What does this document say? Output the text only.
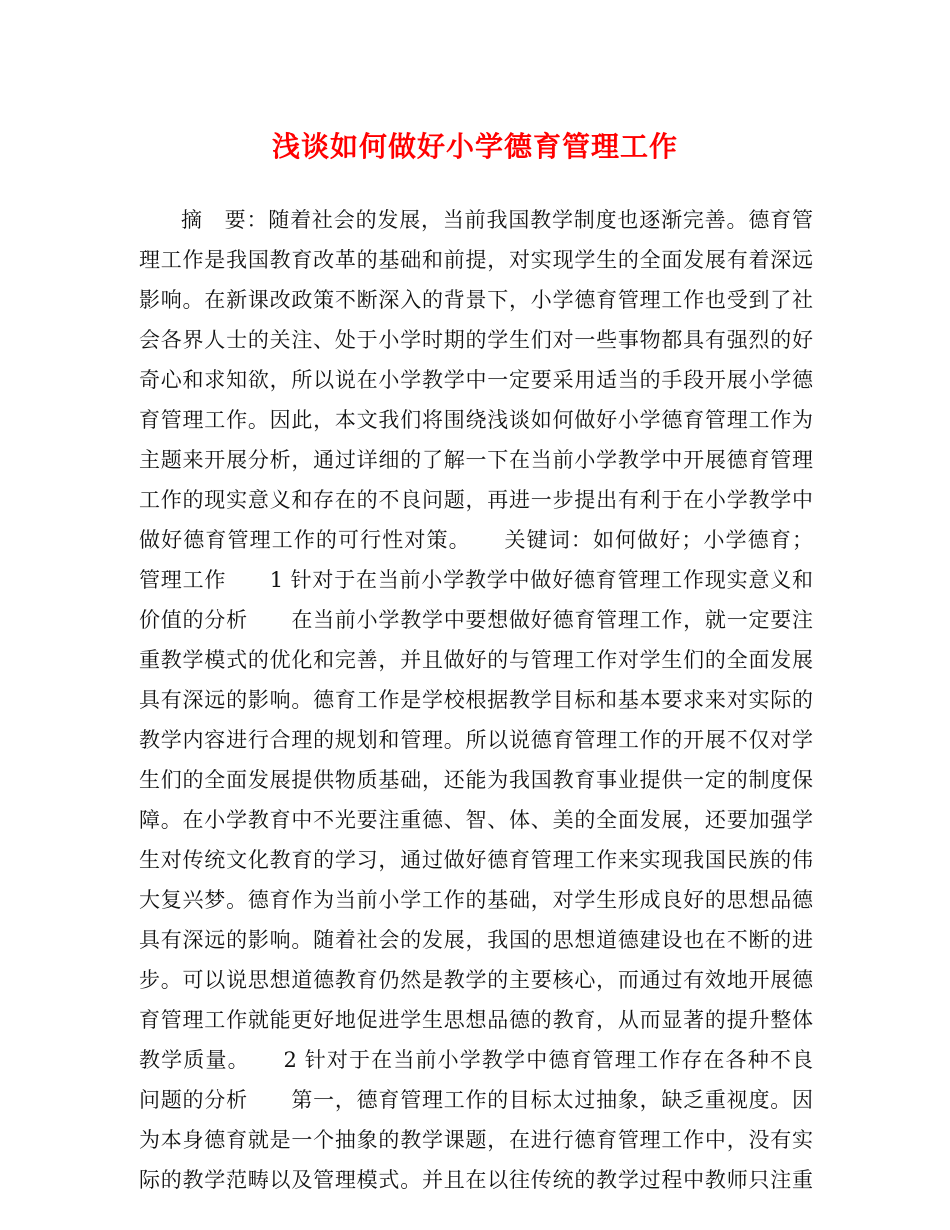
浅谈如何做好小学德育管理工作
摘　要：随着社会的发展，当前我国教学制度也逐渐完善。德育管
理工作是我国教育改革的基础和前提，对实现学生的全面发展有着深远
影响。在新课改政策不断深入的背景下，小学德育管理工作也受到了社
会各界人士的关注、处于小学时期的学生们对一些事物都具有强烈的好
奇心和求知欲，所以说在小学教学中一定要采用适当的手段开展小学德
育管理工作。因此，本文我们将围绕浅谈如何做好小学德育管理工作为
主题来开展分析，通过详细的了解一下在当前小学教学中开展德育管理
工作的现实意义和存在的不良问题，再进一步提出有利于在小学教学中
做好德育管理工作的可行性对策。　　关键词：如何做好；小学德育；
管理工作　　1 针对于在当前小学教学中做好德育管理工作现实意义和
价值的分析　　在当前小学教学中要想做好德育管理工作，就一定要注
重教学模式的优化和完善，并且做好的与管理工作对学生们的全面发展
具有深远的影响。德育工作是学校根据教学目标和基本要求来对实际的
教学内容进行合理的规划和管理。所以说德育管理工作的开展不仅对学
生们的全面发展提供物质基础，还能为我国教育事业提供一定的制度保
障。在小学教育中不光要注重德、智、体、美的全面发展，还要加强学
生对传统文化教育的学习，通过做好德育管理工作来实现我国民族的伟
大复兴梦。德育作为当前小学工作的基础，对学生形成良好的思想品德
具有深远的影响。随着社会的发展，我国的思想道德建设也在不断的进
步。可以说思想道德教育仍然是教学的主要核心，而通过有效地开展德
育管理工作就能更好地促进学生思想品德的教育，从而显著的提升整体
教学质量。　　2 针对于在当前小学教学中德育管理工作存在各种不良
问题的分析　　第一，德育管理工作的目标太过抽象，缺乏重视度。因
为本身德育就是一个抽象的教学课题，在进行德育管理工作中，没有实
际的教学范畴以及管理模式。并且在以往传统的教学过程中教师只注重
